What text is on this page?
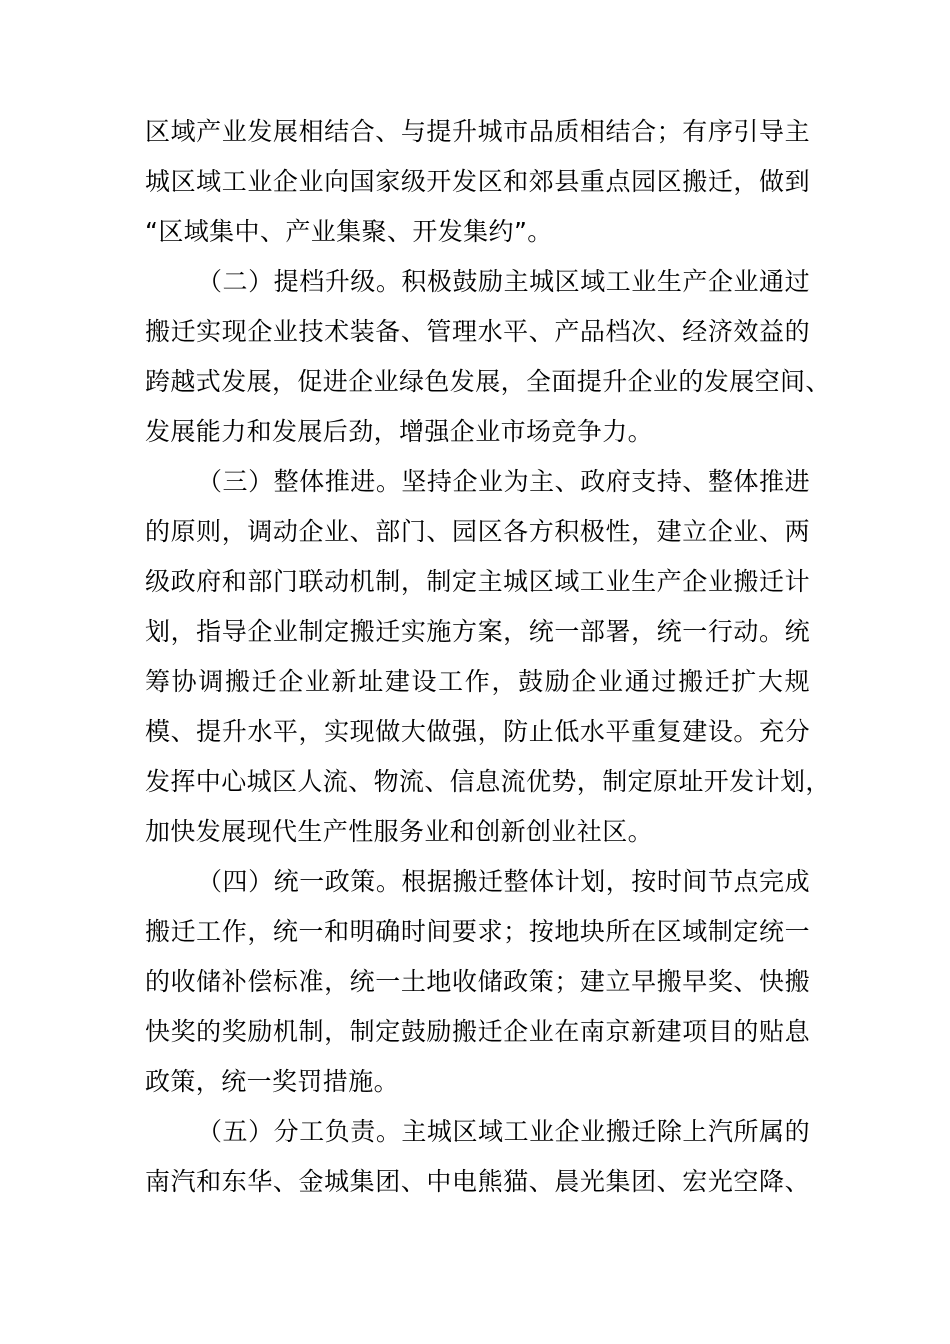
区域产业发展相结合、与提升城市品质相结合；有序引导主
城区域工业企业向国家级开发区和郊县重点园区搬迁，做到
“区域集中、产业集聚、开发集约”。
（二）提档升级。积极鼓励主城区域工业生产企业通过
搬迁实现企业技术装备、管理水平、产品档次、经济效益的
跨越式发展，促进企业绿色发展，全面提升企业的发展空间、
发展能力和发展后劲，增强企业市场竞争力。
（三）整体推进。坚持企业为主、政府支持、整体推进
的原则，调动企业、部门、园区各方积极性，建立企业、两
级政府和部门联动机制，制定主城区域工业生产企业搬迁计
划，指导企业制定搬迁实施方案，统一部署，统一行动。统
筹协调搬迁企业新址建设工作，鼓励企业通过搬迁扩大规
模、提升水平，实现做大做强，防止低水平重复建设。充分
发挥中心城区人流、物流、信息流优势，制定原址开发计划，
加快发展现代生产性服务业和创新创业社区。
（四）统一政策。根据搬迁整体计划，按时间节点完成
搬迁工作，统一和明确时间要求；按地块所在区域制定统一
的收储补偿标准，统一土地收储政策；建立早搬早奖、快搬
快奖的奖励机制，制定鼓励搬迁企业在南京新建项目的贴息
政策，统一奖罚措施。
（五）分工负责。主城区域工业企业搬迁除上汽所属的
南汽和东华、金城集团、中电熊猫、晨光集团、宏光空降、
